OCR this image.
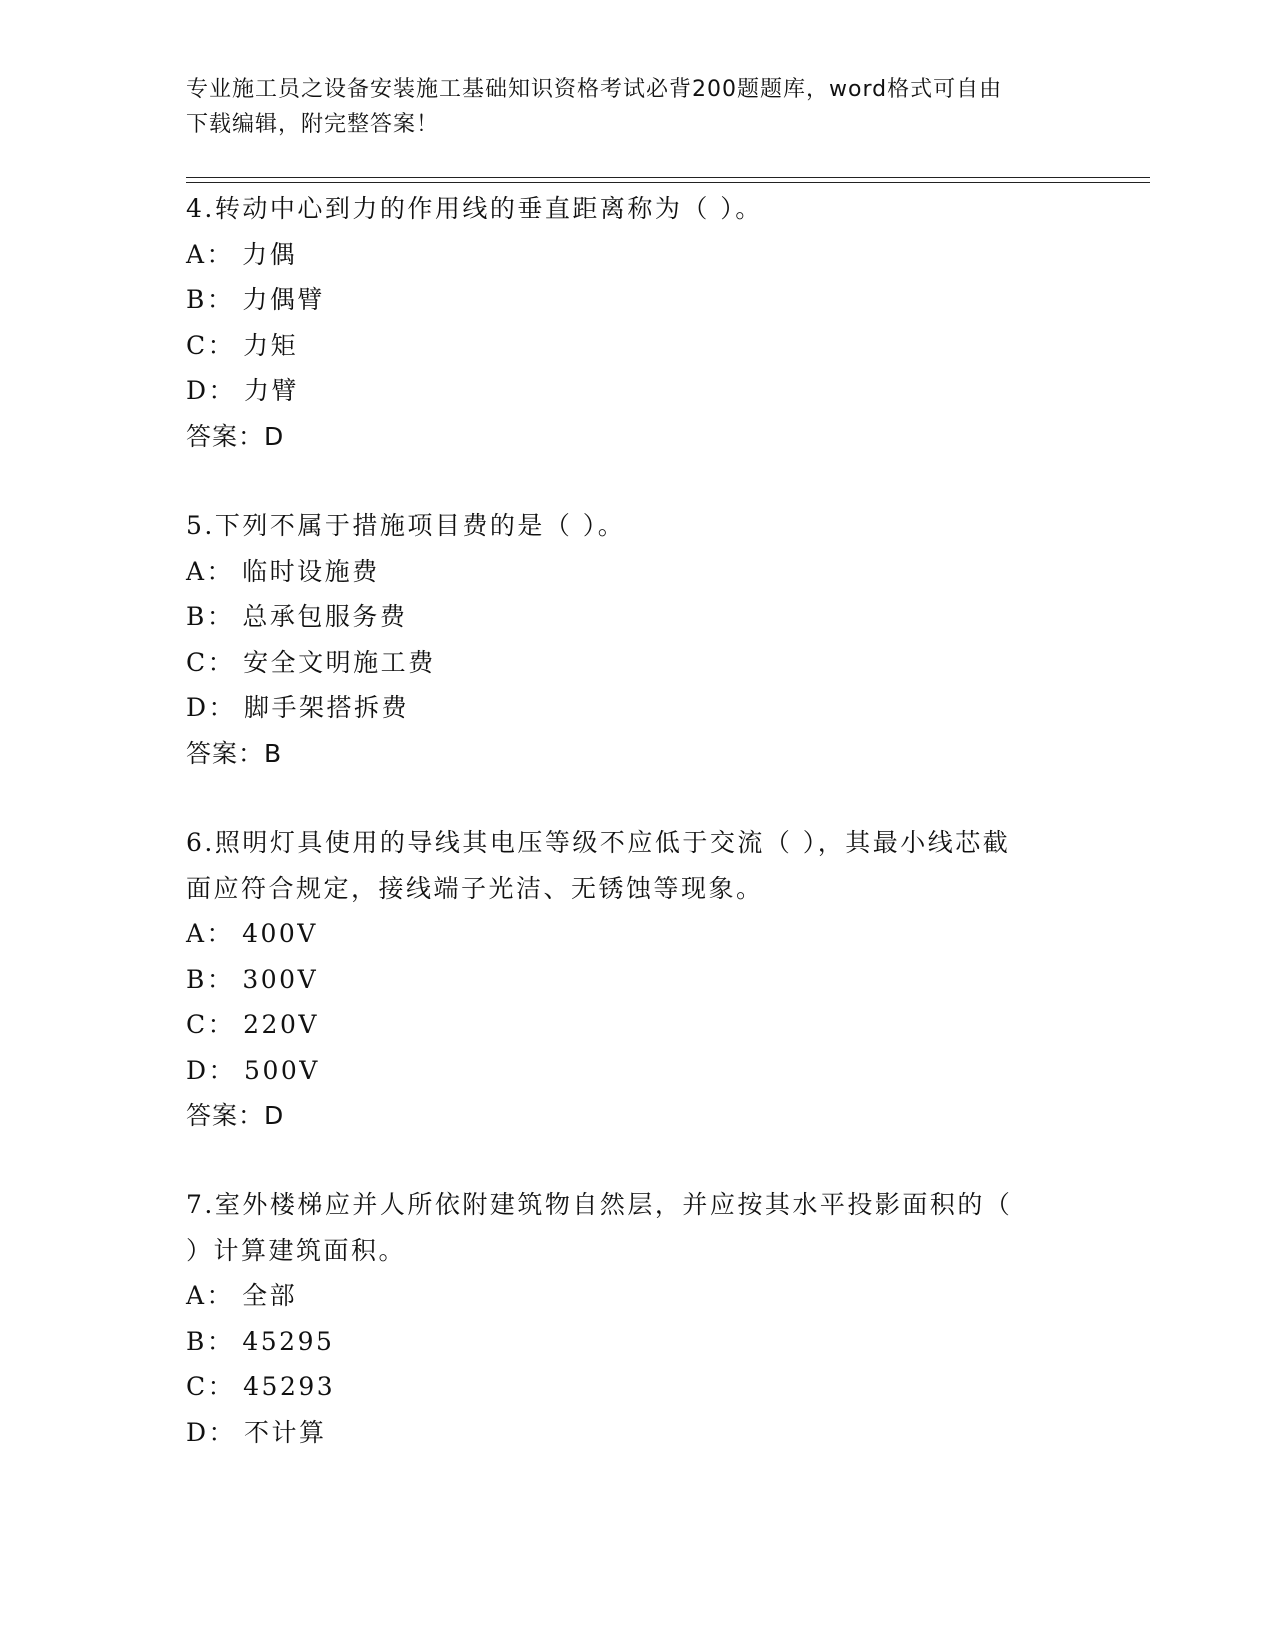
专业施工员之设备安装施工基础知识资格考试必背200题题库，word格式可自由
下载编辑，附完整答案！
4.转动中心到力的作用线的垂直距离称为（ ）。
A： 力偶
B： 力偶臂
C： 力矩
D： 力臂
答案：D
5.下列不属于措施项目费的是（ ）。
A： 临时设施费
B： 总承包服务费
C： 安全文明施工费
D： 脚手架搭拆费
答案：B
6.照明灯具使用的导线其电压等级不应低于交流（ ），其最小线芯截
面应符合规定，接线端子光洁、无锈蚀等现象。
A： 400V
B： 300V
C： 220V
D： 500V
答案：D
7.室外楼梯应并人所依附建筑物自然层，并应按其水平投影面积的（
）计算建筑面积。
A： 全部
B： 45295
C： 45293
D： 不计算
